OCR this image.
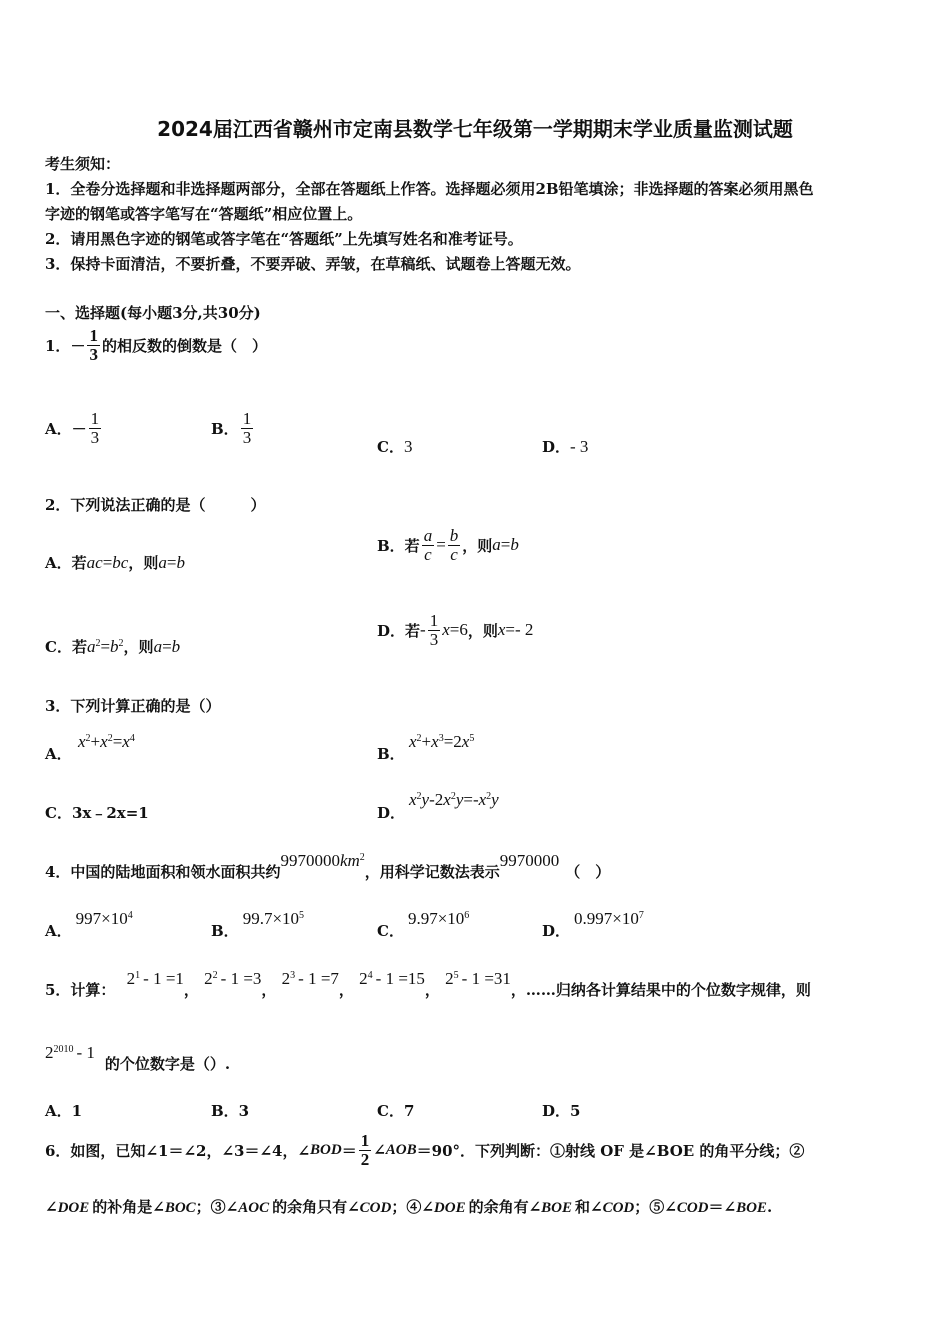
2024届江西省赣州市定南县数学七年级第一学期期末学业质量监测试题
考生须知：
1．全卷分选择题和非选择题两部分，全部在答题纸上作答。选择题必须用2B铅笔填涂；非选择题的答案必须用黑色
字迹的钢笔或答字笔写在“答题纸”相应位置上。
2．请用黑色字迹的钢笔或答字笔在“答题纸”上先填写姓名和准考证号。
3．保持卡面清洁，不要折叠，不要弄破、弄皱，在草稿纸、试题卷上答题无效。
一、选择题(每小题3分,共30分)
1． － $\frac{1}{3}$ 的相反数的倒数是（　）
A． － $\frac{1}{3}$	B． $\frac{1}{3}$
C．3	D．- 3
2．下列说法正确的是（　　　）
A．若ac=bc，则a=b
B．若 $\frac{a}{c} = \frac{b}{c}$ ，则 a = b
C．若$a^2=b^2$，则a=b
D．若 - $\frac{1}{3}$ x = 6 ，则 x = - 2
3．下列计算正确的是（）
A．
$x^2+x^2=x^4$
B．
$x^2+x^3=2x^5$
C．3x﹣2x=1	D．
$x^2y-2x^2y=-x^2y$
4．中国的陆地面积和领水面积共约$9970000km^2$，用科学记数法表示9970000（　）
A．$997\times 10^4$
B．$99.7\times 10^5$
C．$9.97\times 10^6$
D．$0.997\times 10^7$
5．计算： $2^1 - 1 =1$， $2^2 - 1 =3$， $2^3 - 1 =7$， $2^4 - 1 =15$， $2^5 - 1 =31$，……归纳各计算结果中的个位数字规律，则
$2^{2010} - 1$的个位数字是（）.
A．1	B．3	C．7	D．5
6．如图，已知∠1＝∠2，∠3＝∠4，∠ BOD ＝ $\frac{1}{2}$ ∠ AOB ＝90°．下列判断：①射线 OF 是∠BOE 的角平分线；②
∠DOE 的补角是∠BOC；③∠AOC 的余角只有∠COD；④∠DOE 的余角有∠BOE 和∠COD；⑤∠COD＝∠BOE.
